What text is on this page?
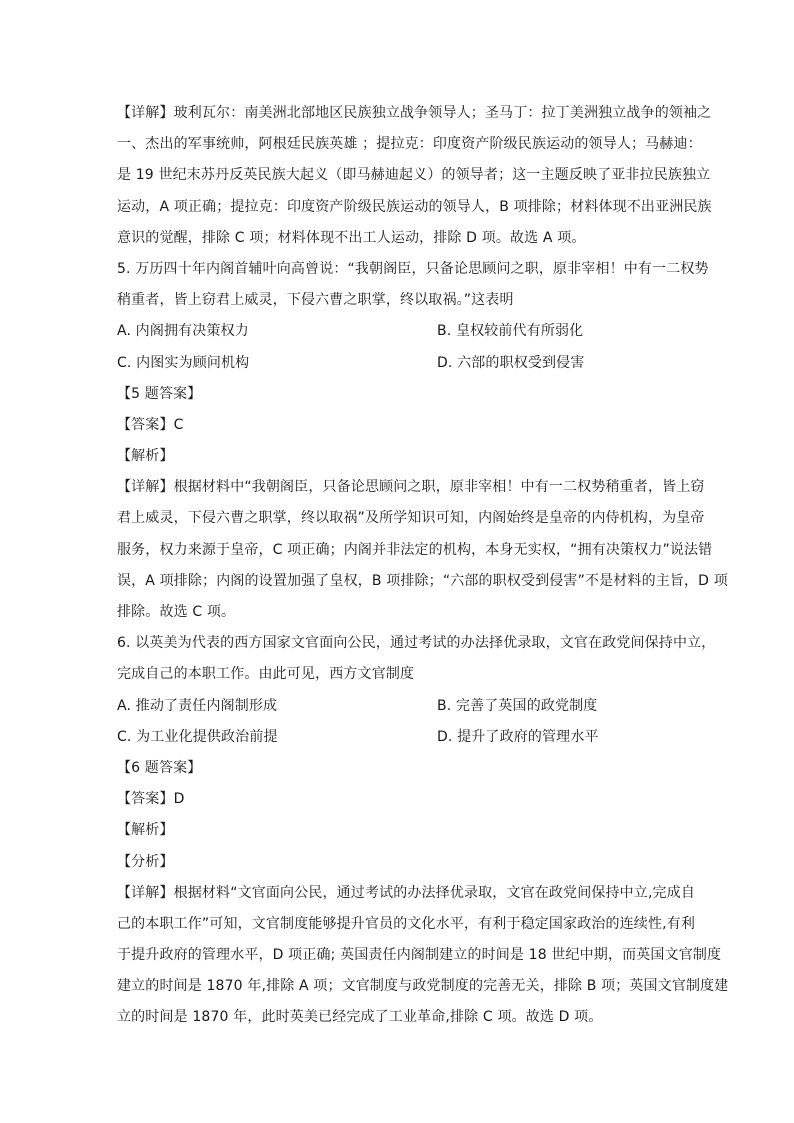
【详解】玻利瓦尔：南美洲北部地区民族独立战争领导人；圣马丁：拉丁美洲独立战争的领袖之
一、杰出的军事统帅，阿根廷民族英雄 ；提拉克：印度资产阶级民族运动的领导人；马赫迪：
是 19 世纪末苏丹反英民族大起义（即马赫迪起义）的领导者；这一主题反映了亚非拉民族独立
运动，A 项正确；提拉克：印度资产阶级民族运动的领导人，B 项排除；材料体现不出亚洲民族
意识的觉醒，排除 C 项；材料体现不出工人运动，排除 D 项。故选 A 项。
5. 万历四十年内阁首辅叶向高曾说：“我朝阁臣，只备论思顾问之职，原非宰相！中有一二权势
稍重者，皆上窃君上威灵，下侵六曹之职掌，终以取祸。”这表明
A. 内阁拥有决策权力	B. 皇权较前代有所弱化
C. 内图实为顾问机构	D. 六部的职权受到侵害
【5 题答案】
【答案】C
【解析】
【详解】根据材料中“我朝阁臣，只备论思顾问之职，原非宰相！中有一二权势稍重者，皆上窃
君上威灵，下侵六曹之职掌，终以取祸”及所学知识可知，内阁始终是皇帝的内侍机构，为皇帝
服务，权力来源于皇帝，C 项正确；内阁并非法定的机构，本身无实权，“拥有决策权力”说法错
误，A 项排除；内阁的设置加强了皇权，B 项排除；“六部的职权受到侵害”不是材料的主旨，D 项
排除。故选 C 项。
6. 以英美为代表的西方国家文官面向公民，通过考试的办法择优录取，文官在政党间保持中立，
完成自己的本职工作。由此可见，西方文官制度
A. 推动了责任内阁制形成	B. 完善了英国的政党制度
C. 为工业化提供政治前提	D. 提升了政府的管理水平
【6 题答案】
【答案】D
【解析】
【分析】
【详解】根据材料“文官面向公民，通过考试的办法择优录取，文官在政党间保持中立,完成自
己的本职工作”可知，文官制度能够提升官员的文化水平，有利于稳定国家政治的连续性,有利
于提升政府的管理水平，D 项正确; 英国责任内阁制建立的时间是 18 世纪中期，而英国文官制度
建立的时间是 1870 年,排除 A 项；文官制度与政党制度的完善无关，排除 B 项；英国文官制度建
立的时间是 1870 年，此时英美已经完成了工业革命,排除 C 项。故选 D 项。
